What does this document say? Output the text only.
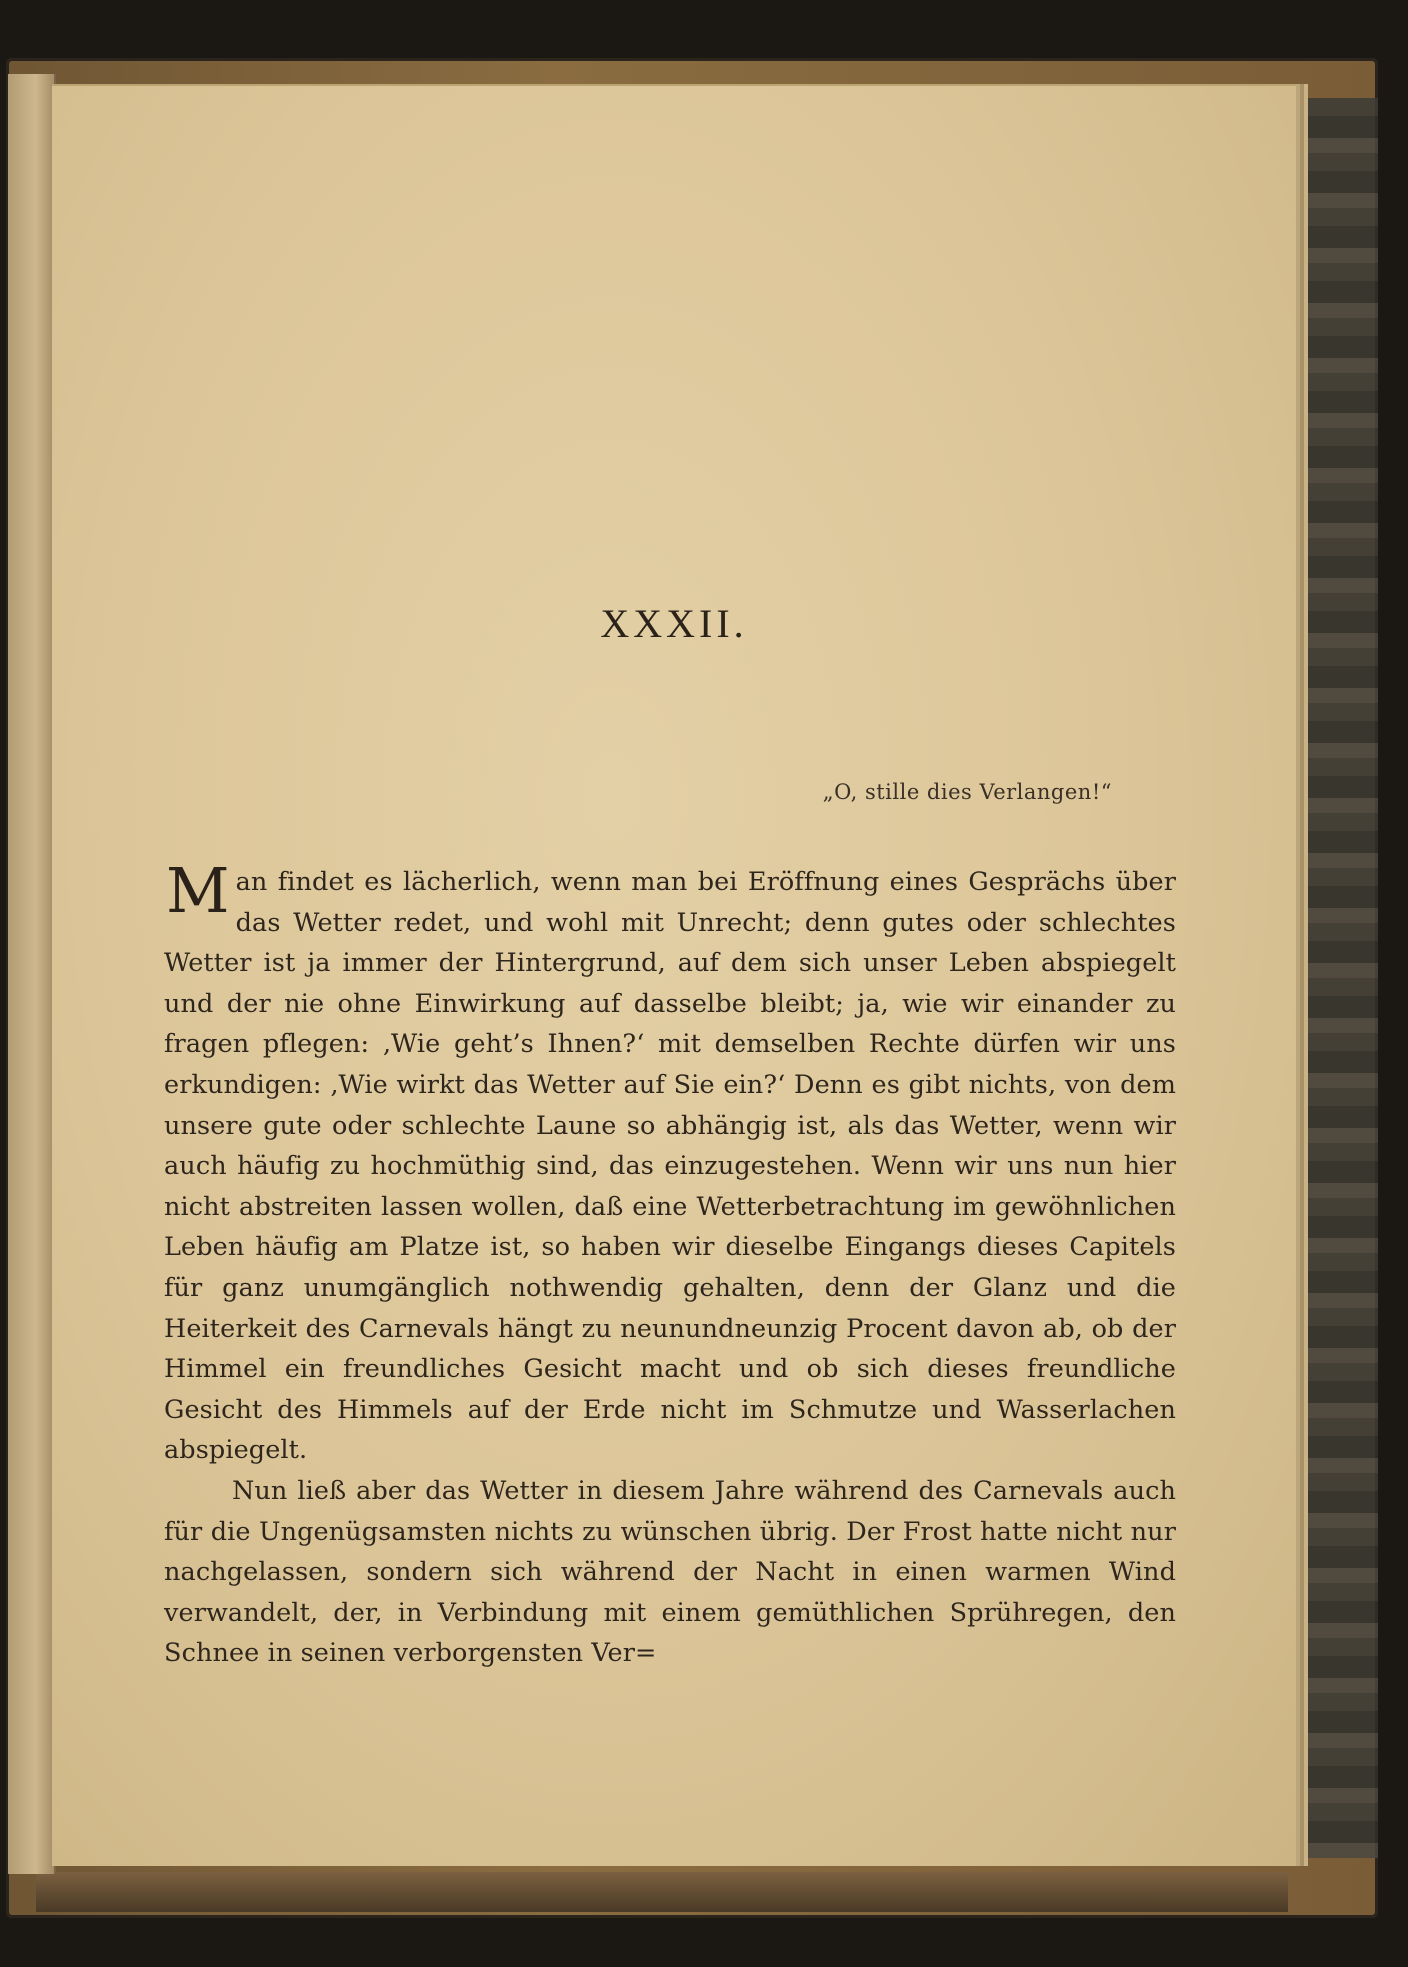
XXXII.
„O, stille dies Verlangen!“

Man findet es lächerlich, wenn man bei Eröffnung eines Gesprächs über das Wetter redet, und wohl mit Unrecht; denn gutes oder schlechtes Wetter ist ja immer der Hintergrund, auf dem sich unser Leben abspiegelt und der nie ohne Einwirkung auf dasselbe bleibt; ja, wie wir einander zu fragen pflegen: ‚Wie geht’s Ihnen?‘ mit demselben Rechte dürfen wir uns erkundigen: ‚Wie wirkt das Wetter auf Sie ein?‘ Denn es gibt nichts, von dem unsere gute oder schlechte Laune so abhängig ist, als das Wetter, wenn wir auch häufig zu hochmüthig sind, das einzugestehen. Wenn wir uns nun hier nicht abstreiten lassen wollen, daß eine Wetterbetrachtung im gewöhnlichen Leben häufig am Platze ist, so haben wir dieselbe Eingangs dieses Capitels für ganz unumgänglich nothwendig gehalten, denn der Glanz und die Heiterkeit des Carnevals hängt zu neunundneunzig Procent davon ab, ob der Himmel ein freundliches Gesicht macht und ob sich dieses freundliche Gesicht des Himmels auf der Erde nicht im Schmutze und Wasserlachen abspiegelt.

Nun ließ aber das Wetter in diesem Jahre während des Carnevals auch für die Ungenügsamsten nichts zu wünschen übrig. Der Frost hatte nicht nur nachgelassen, sondern sich während der Nacht in einen warmen Wind verwandelt, der, in Verbindung mit einem gemüthlichen Sprühregen, den Schnee in seinen verborgensten Ver=
